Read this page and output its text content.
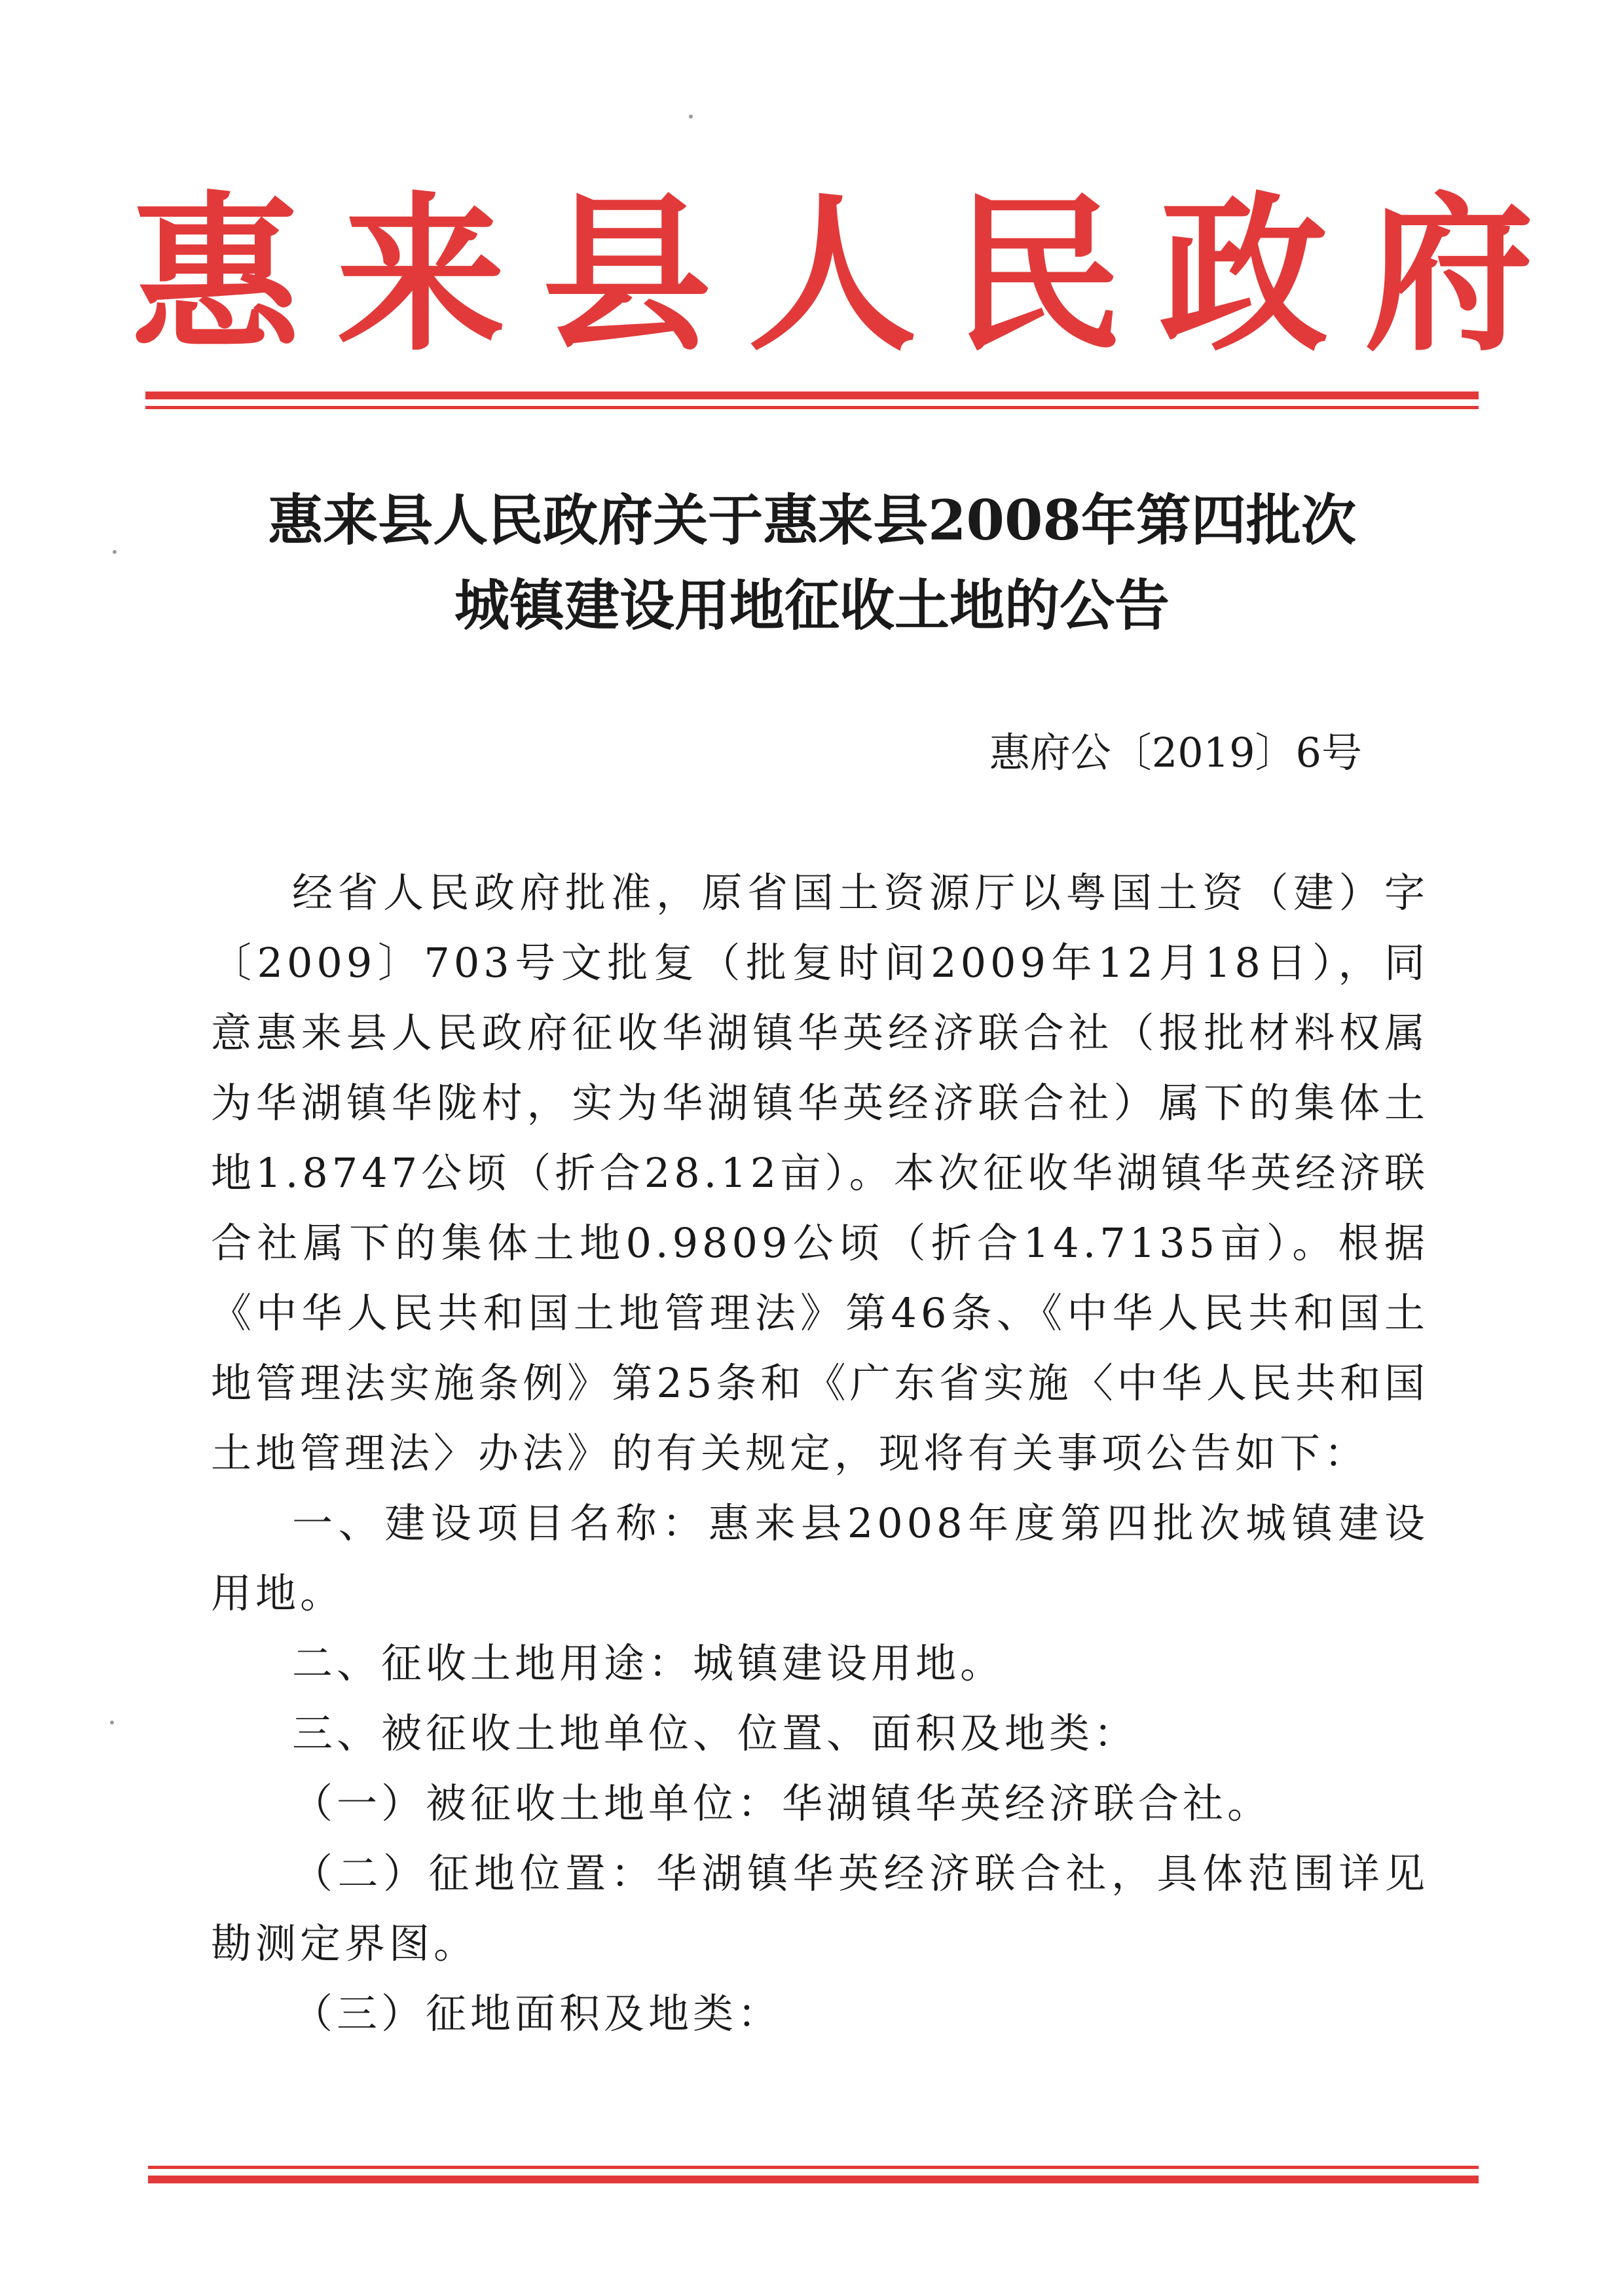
惠来县人民政府
惠来县人民政府关于惠来县2008年第四批次
城镇建设用地征收土地的公告
惠府公〔2019〕6号

经省人民政府批准，原省国土资源厅以粤国土资（建）字〔2009〕703号文批复（批复时间2009年12月18日），同意惠来县人民政府征收华湖镇华英经济联合社（报批材料权属为华湖镇华陇村，实为华湖镇华英经济联合社）属下的集体土地1.8747公顷（折合28.12亩）。本次征收华湖镇华英经济联合社属下的集体土地0.9809公顷（折合14.7135亩）。根据《中华人民共和国土地管理法》第46条、《中华人民共和国土地管理法实施条例》第25条和《广东省实施〈中华人民共和国土地管理法〉办法》的有关规定，现将有关事项公告如下：

一、建设项目名称：惠来县2008年度第四批次城镇建设用地。

二、征收土地用途：城镇建设用地。

三、被征收土地单位、位置、面积及地类：

（一）被征收土地单位：华湖镇华英经济联合社。

（二）征地位置：华湖镇华英经济联合社，具体范围详见勘测定界图。

（三）征地面积及地类：
